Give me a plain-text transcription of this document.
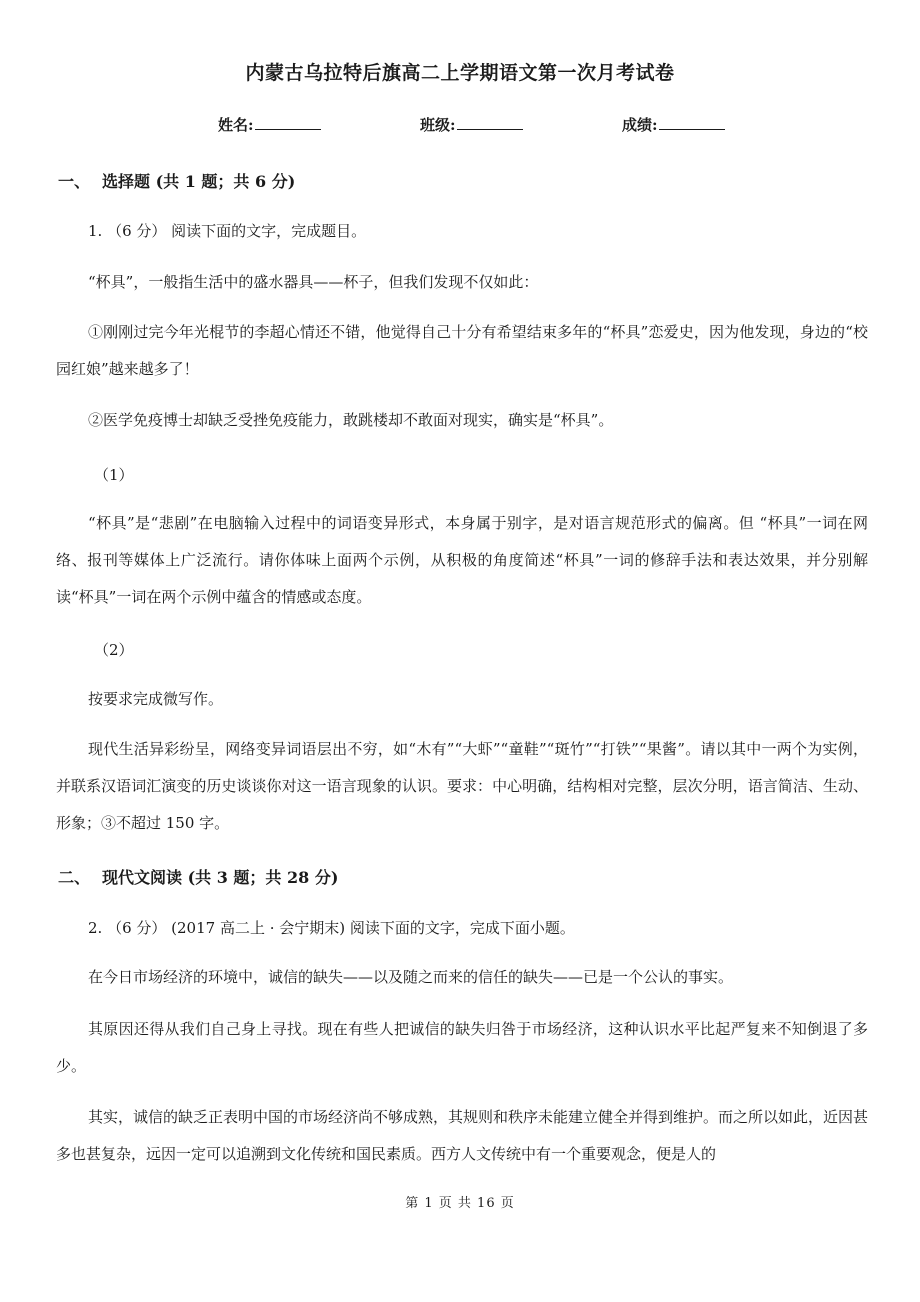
内蒙古乌拉特后旗高二上学期语文第一次月考试卷
姓名:	班级:	成绩:
一、 选择题 (共 1 题；共 6 分)
1. （6 分） 阅读下面的文字，完成题目。
“杯具”，一般指生活中的盛水器具——杯子，但我们发现不仅如此：
①刚刚过完今年光棍节的李超心情还不错，他觉得自己十分有希望结束多年的“杯具”恋爱史，因为他发现，身边的“校园红娘”越来越多了！
②医学免疫博士却缺乏受挫免疫能力，敢跳楼却不敢面对现实，确实是“杯具”。
（1）
“杯具”是“悲剧”在电脑输入过程中的词语变异形式，本身属于别字，是对语言规范形式的偏离。但 “杯具”一词在网络、报刊等媒体上广泛流行。请你体味上面两个示例，从积极的角度简述“杯具”一词的修辞手法和表达效果，并分别解读“杯具”一词在两个示例中蕴含的情感或态度。
（2）
按要求完成微写作。
现代生活异彩纷呈，网络变异词语层出不穷，如“木有”“大虾”“童鞋”“斑竹”“打铁”“果酱”。请以其中一两个为实例，并联系汉语词汇演变的历史谈谈你对这一语言现象的认识。要求：中心明确，结构相对完整，层次分明，语言简洁、生动、形象；③不超过 150 字。
二、 现代文阅读 (共 3 题；共 28 分)
2. （6 分） (2017 高二上 · 会宁期末) 阅读下面的文字，完成下面小题。
在今日市场经济的环境中，诚信的缺失——以及随之而来的信任的缺失——已是一个公认的事实。
其原因还得从我们自己身上寻找。现在有些人把诚信的缺失归咎于市场经济，这种认识水平比起严复来不知倒退了多少。
其实，诚信的缺乏正表明中国的市场经济尚不够成熟，其规则和秩序未能建立健全并得到维护。而之所以如此，近因甚多也甚复杂，远因一定可以追溯到文化传统和国民素质。西方人文传统中有一个重要观念，便是人的
第 1 页 共 16 页
